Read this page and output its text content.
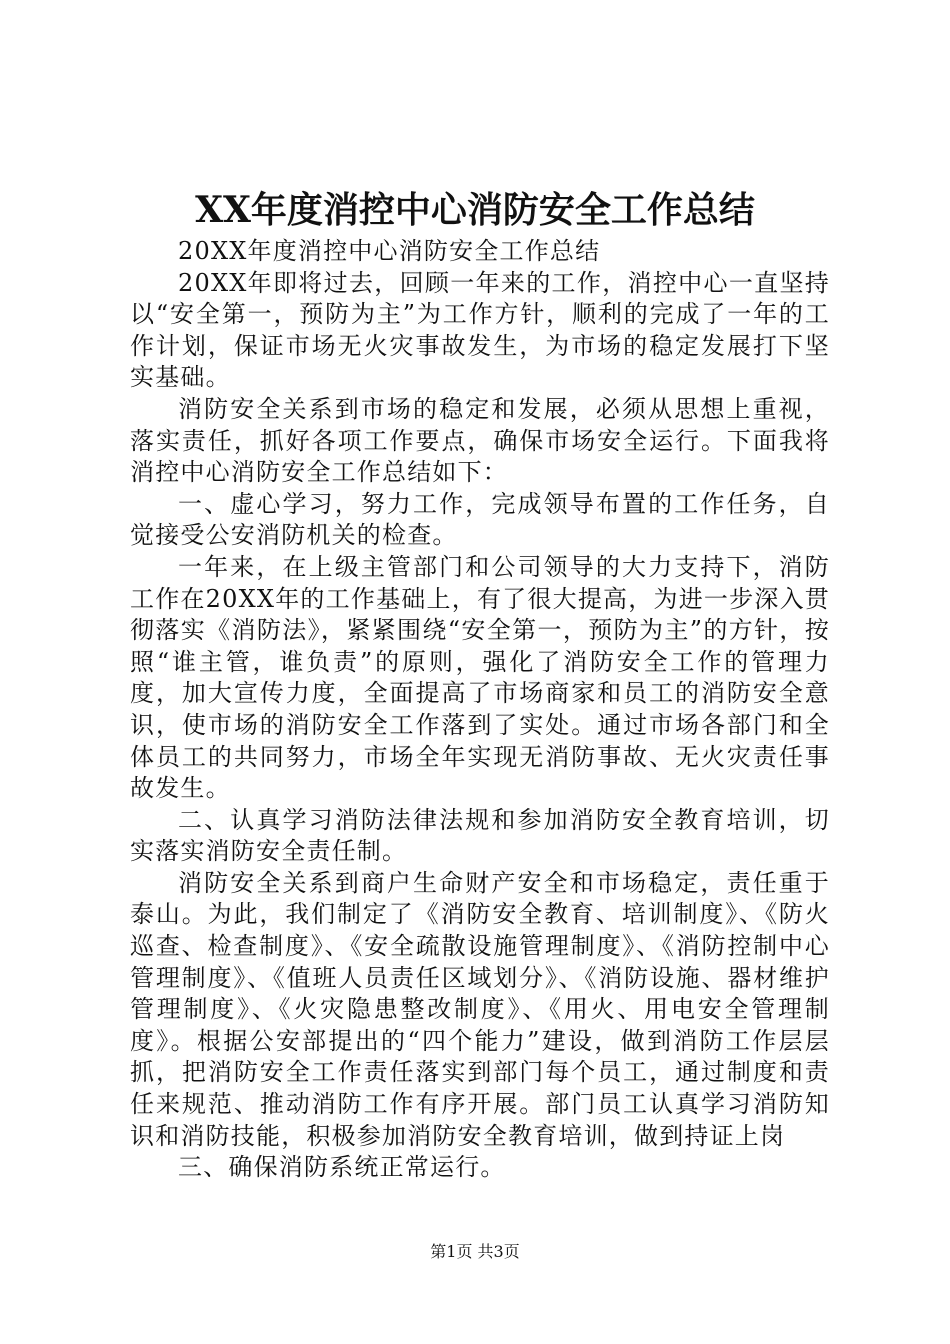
XX年度消控中心消防安全工作总结

20XX年度消控中心消防安全工作总结

20XX年即将过去，回顾一年来的工作，消控中心一直坚持以“安全第一，预防为主”为工作方针，顺利的完成了一年的工作计划，保证市场无火灾事故发生，为市场的稳定发展打下坚实基础。

消防安全关系到市场的稳定和发展，必须从思想上重视，落实责任，抓好各项工作要点，确保市场安全运行。下面我将消控中心消防安全工作总结如下：

一、虚心学习，努力工作，完成领导布置的工作任务，自觉接受公安消防机关的检查。

一年来，在上级主管部门和公司领导的大力支持下，消防工作在20XX年的工作基础上，有了很大提高，为进一步深入贯彻落实《消防法》，紧紧围绕“安全第一，预防为主”的方针，按照“谁主管，谁负责”的原则，强化了消防安全工作的管理力度，加大宣传力度，全面提高了市场商家和员工的消防安全意识，使市场的消防安全工作落到了实处。通过市场各部门和全体员工的共同努力，市场全年实现无消防事故、无火灾责任事故发生。

二、认真学习消防法律法规和参加消防安全教育培训，切实落实消防安全责任制。

消防安全关系到商户生命财产安全和市场稳定，责任重于泰山。为此，我们制定了《消防安全教育、培训制度》、《防火巡查、检查制度》、《安全疏散设施管理制度》、《消防控制中心管理制度》、《值班人员责任区域划分》、《消防设施、器材维护管理制度》、《火灾隐患整改制度》、《用火、用电安全管理制度》。根据公安部提出的“四个能力”建设，做到消防工作层层抓，把消防安全工作责任落实到部门每个员工，通过制度和责任来规范、推动消防工作有序开展。部门员工认真学习消防知识和消防技能，积极参加消防安全教育培训，做到持证上岗

三、确保消防系统正常运行。

第1页 共3页
